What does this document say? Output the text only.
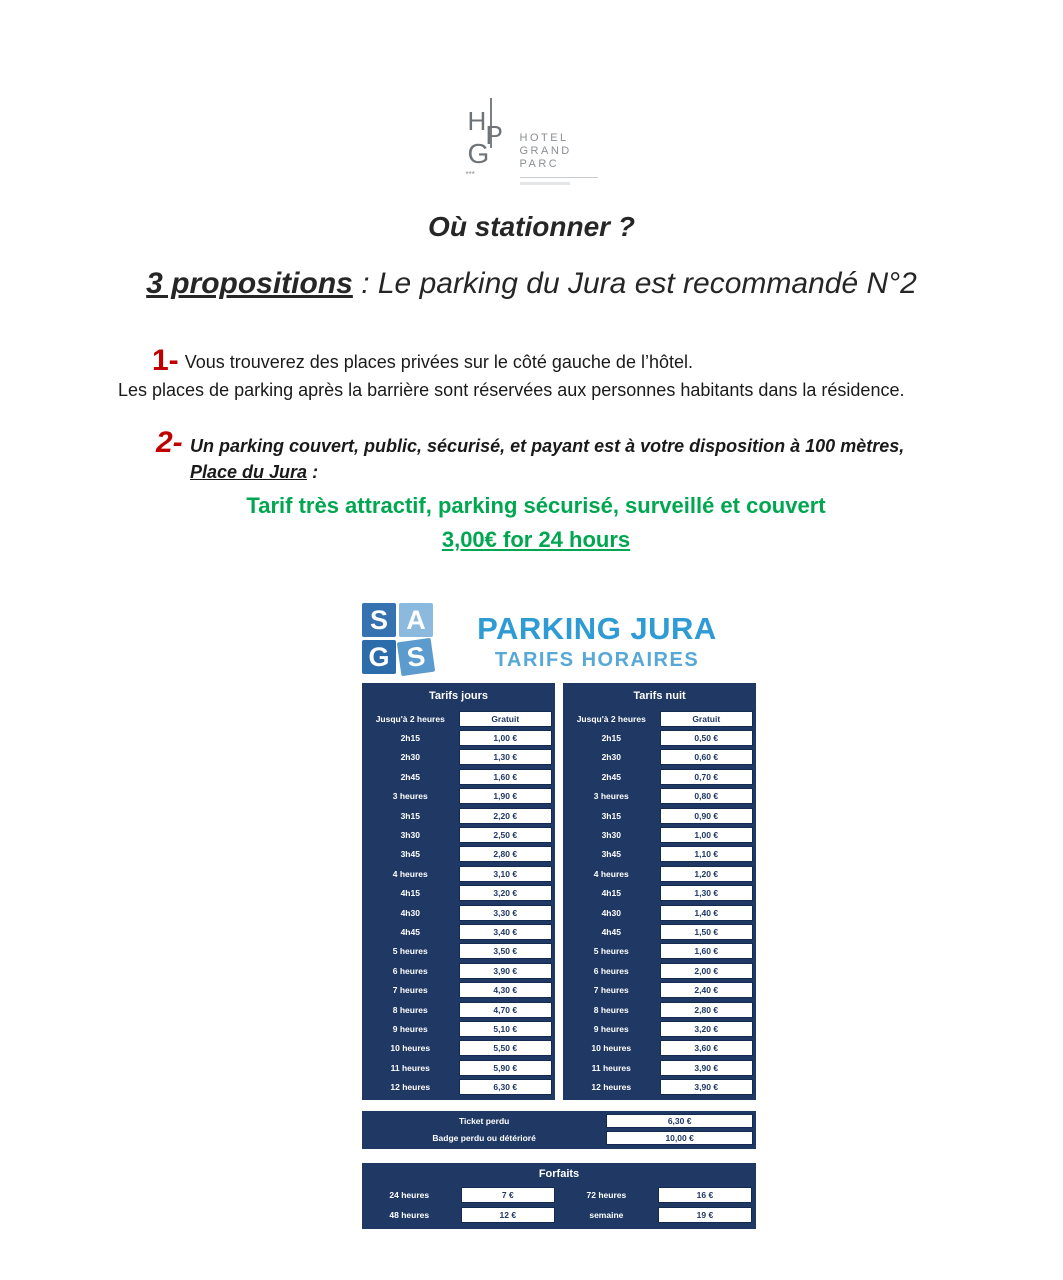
H P
G
***
HOTEL
GRAND
PARC
Où stationner ?
3 propositions : Le parking du Jura est recommandé N°2
1- Vous trouverez des places privées sur le côté gauche de l’hôtel.
Les places de parking après la barrière sont réservées aux personnes habitants dans la résidence.
2- Un parking couvert, public, sécurisé, et payant est à votre disposition à 100 mètres, Place du Jura :
Tarif très attractif, parking sécurisé, surveillé et couvert
3,00€ for 24 hours
S A
G S
PARKING JURA
TARIFS HORAIRES
Tarifs jours
Jusqu'à 2 heures	Gratuit
2h15	1,00 €
2h30	1,30 €
2h45	1,60 €
3 heures	1,90 €
3h15	2,20 €
3h30	2,50 €
3h45	2,80 €
4 heures	3,10 €
4h15	3,20 €
4h30	3,30 €
4h45	3,40 €
5 heures	3,50 €
6 heures	3,90 €
7 heures	4,30 €
8 heures	4,70 €
9 heures	5,10 €
10 heures	5,50 €
11 heures	5,90 €
12 heures	6,30 €
Tarifs nuit
Jusqu'à 2 heures	Gratuit
2h15	0,50 €
2h30	0,60 €
2h45	0,70 €
3 heures	0,80 €
3h15	0,90 €
3h30	1,00 €
3h45	1,10 €
4 heures	1,20 €
4h15	1,30 €
4h30	1,40 €
4h45	1,50 €
5 heures	1,60 €
6 heures	2,00 €
7 heures	2,40 €
8 heures	2,80 €
9 heures	3,20 €
10 heures	3,60 €
11 heures	3,90 €
12 heures	3,90 €
Ticket perdu	6,30 €
Badge perdu ou détérioré	10,00 €
Forfaits
24 heures	7 €	72 heures	16 €
48 heures	12 €	semaine	19 €
